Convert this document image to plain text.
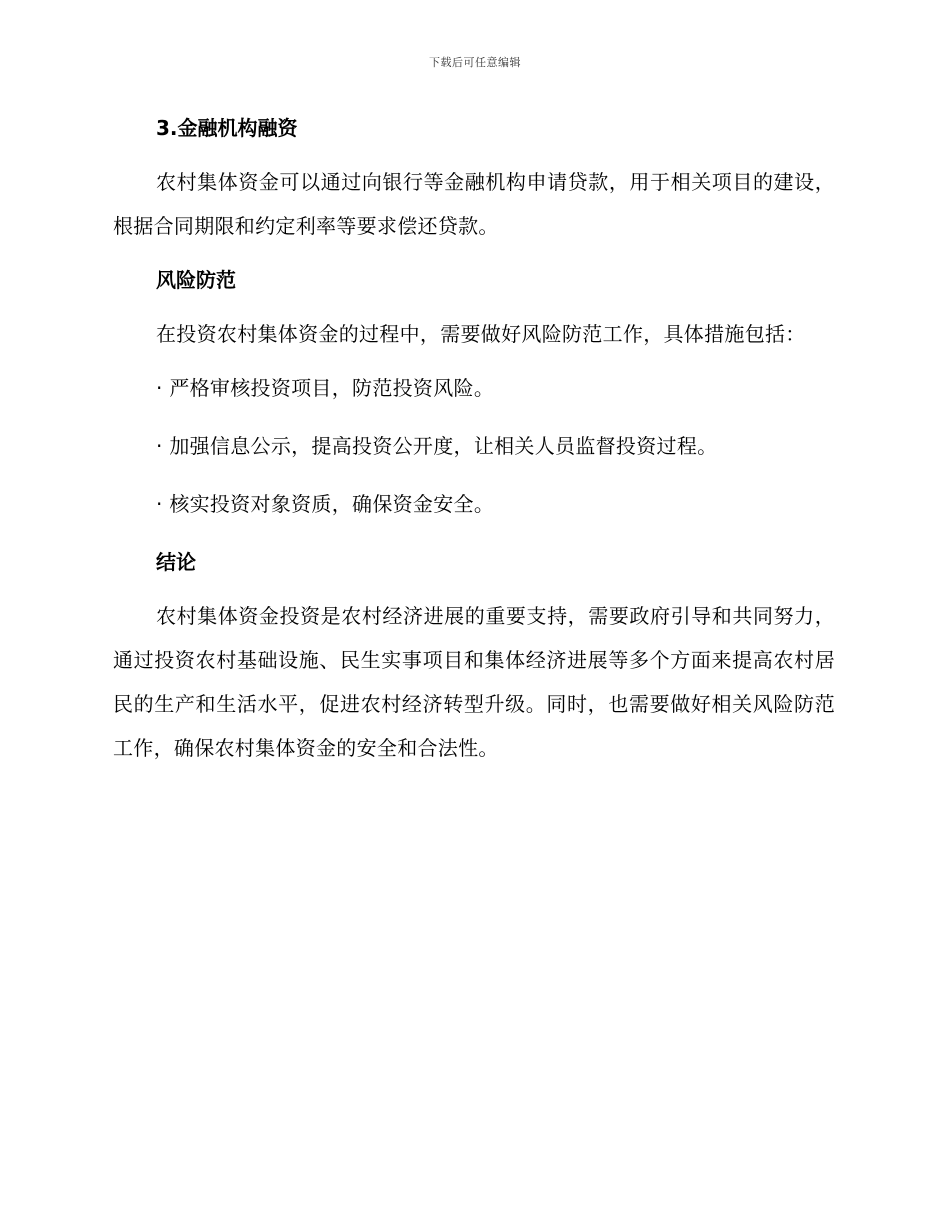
下载后可任意编辑
3.金融机构融资

农村集体资金可以通过向银行等金融机构申请贷款，用于相关项目的建设，根据合同期限和约定利率等要求偿还贷款。

风险防范

在投资农村集体资金的过程中，需要做好风险防范工作，具体措施包括：

· 严格审核投资项目，防范投资风险。
· 加强信息公示，提高投资公开度，让相关人员监督投资过程。
· 核实投资对象资质，确保资金安全。
结论

农村集体资金投资是农村经济进展的重要支持，需要政府引导和共同努力，通过投资农村基础设施、民生实事项目和集体经济进展等多个方面来提高农村居民的生产和生活水平，促进农村经济转型升级。同时，也需要做好相关风险防范工作，确保农村集体资金的安全和合法性。
